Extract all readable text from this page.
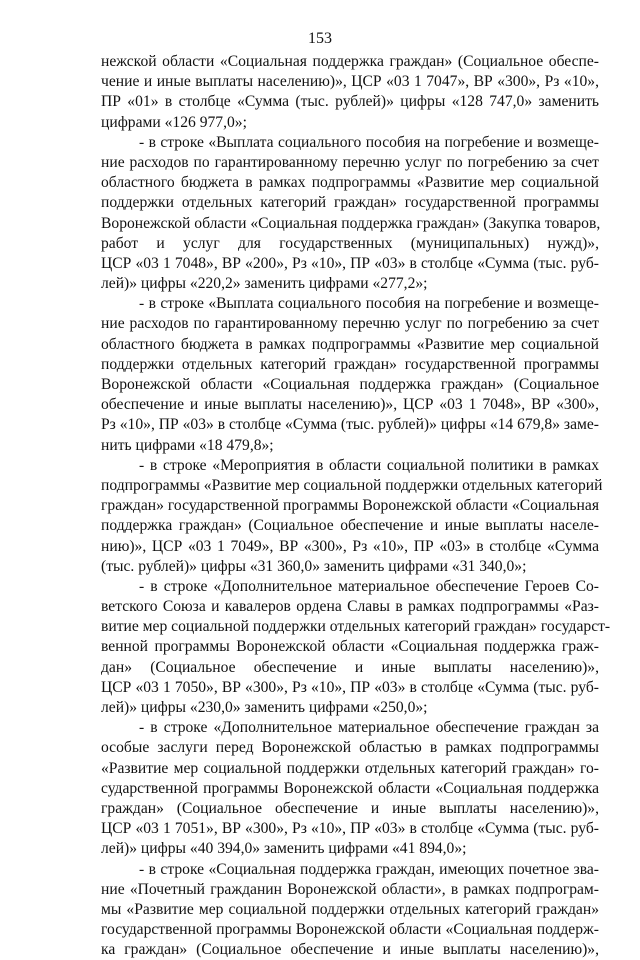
153
нежской области «Социальная поддержка граждан» (Социальное обеспе-
чение и иные выплаты населению)», ЦСР «03 1 7047», ВР «300», Рз «10»,
ПР «01» в столбце «Сумма (тыс. рублей)» цифры «128 747,0» заменить
цифрами «126 977,0»;
- в строке «Выплата социального пособия на погребение и возмеще-
ние расходов по гарантированному перечню услуг по погребению за счет
областного бюджета в рамках подпрограммы «Развитие мер социальной
поддержки отдельных категорий граждан» государственной программы
Воронежской области «Социальная поддержка граждан» (Закупка товаров,
работ и услуг для государственных (муниципальных) нужд)»,
ЦСР «03 1 7048», ВР «200», Рз «10», ПР «03» в столбце «Сумма (тыс. руб-
лей)» цифры «220,2» заменить цифрами «277,2»;
- в строке «Выплата социального пособия на погребение и возмеще-
ние расходов по гарантированному перечню услуг по погребению за счет
областного бюджета в рамках подпрограммы «Развитие мер социальной
поддержки отдельных категорий граждан» государственной программы
Воронежской области «Социальная поддержка граждан» (Социальное
обеспечение и иные выплаты населению)», ЦСР «03 1 7048», ВР «300»,
Рз «10», ПР «03» в столбце «Сумма (тыс. рублей)» цифры «14 679,8» заме-
нить цифрами «18 479,8»;
- в строке «Мероприятия в области социальной политики в рамках
подпрограммы «Развитие мер социальной поддержки отдельных категорий
граждан» государственной программы Воронежской области «Социальная
поддержка граждан» (Социальное обеспечение и иные выплаты населе-
нию)», ЦСР «03 1 7049», ВР «300», Рз «10», ПР «03» в столбце «Сумма
(тыс. рублей)» цифры «31 360,0» заменить цифрами «31 340,0»;
- в строке «Дополнительное материальное обеспечение Героев Со-
ветского Союза и кавалеров ордена Славы в рамках подпрограммы «Раз-
витие мер социальной поддержки отдельных категорий граждан» государст-
венной программы Воронежской области «Социальная поддержка граж-
дан» (Социальное обеспечение и иные выплаты населению)»,
ЦСР «03 1 7050», ВР «300», Рз «10», ПР «03» в столбце «Сумма (тыс. руб-
лей)» цифры «230,0» заменить цифрами «250,0»;
- в строке «Дополнительное материальное обеспечение граждан за
особые заслуги перед Воронежской областью в рамках подпрограммы
«Развитие мер социальной поддержки отдельных категорий граждан» го-
сударственной программы Воронежской области «Социальная поддержка
граждан» (Социальное обеспечение и иные выплаты населению)»,
ЦСР «03 1 7051», ВР «300», Рз «10», ПР «03» в столбце «Сумма (тыс. руб-
лей)» цифры «40 394,0» заменить цифрами «41 894,0»;
- в строке «Социальная поддержка граждан, имеющих почетное зва-
ние «Почетный гражданин Воронежской области», в рамках подпрограм-
мы «Развитие мер социальной поддержки отдельных категорий граждан»
государственной программы Воронежской области «Социальная поддерж-
ка граждан» (Социальное обеспечение и иные выплаты населению)»,
